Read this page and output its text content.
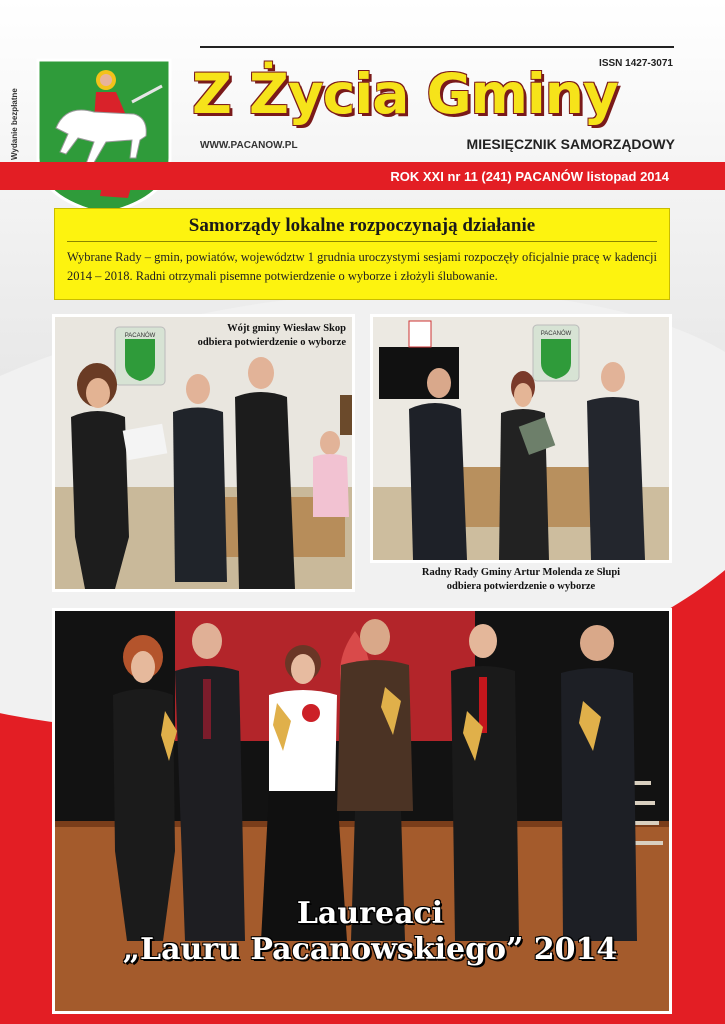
Wydanie bezpłatne
ISSN 1427-3071
Z Życia Gminy
WWW.PACANOW.PL	MIESIĘCZNIK SAMORZĄDOWY
ROK XXI nr 11 (241) PACANÓW listopad 2014
Samorządy lokalne rozpoczynają działanie

Wybrane Rady – gmin, powiatów, województw 1 grudnia uroczystymi sesjami rozpoczęły oficjalnie pracę w kadencji 2014 – 2018. Radni otrzymali pisemne potwierdzenie o wyborze i złożyli ślubowanie.

PACANÓW
Wójt gminy Wiesław Skop
odbiera potwierdzenie o wyborze
PACANÓW
Radny Rady Gminy Artur Molenda ze Słupi
odbiera potwierdzenie o wyborze
Laureaci
„Lauru Pacanowskiego” 2014
